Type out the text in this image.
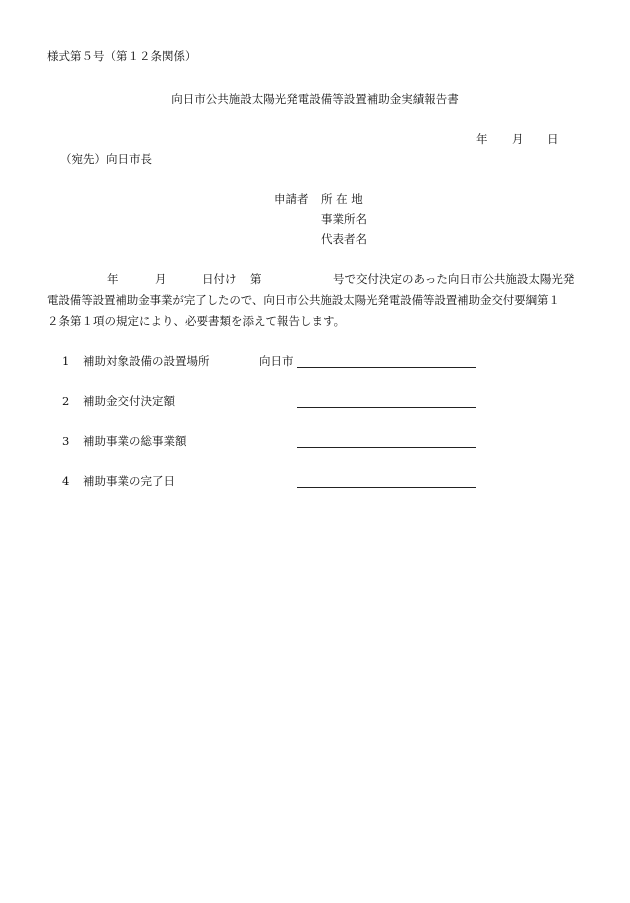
様式第５号（第１２条関係）
向日市公共施設太陽光発電設備等設置補助金実績報告書
年 月 日
（宛先）向日市長
申請者 所 在 地
事業所名
代表者名
年	月	日付け 第	号で交付決定のあった向日市公共施設太陽光発
電設備等設置補助金事業が完了したので、向日市公共施設太陽光発電設備等設置補助金交付要綱第１
２条第１項の規定により、必要書類を添えて報告します。
1 補助対象設備の設置場所	向日市
2 補助金交付決定額
3 補助事業の総事業額
4 補助事業の完了日
